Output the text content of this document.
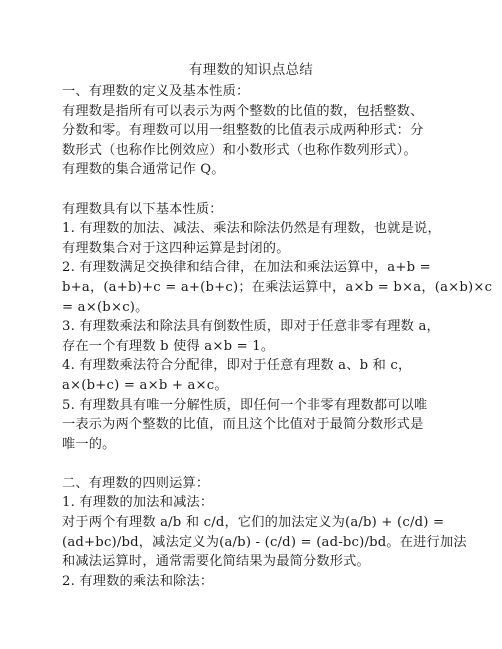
有理数的知识点总结
一、有理数的定义及基本性质：
有理数是指所有可以表示为两个整数的比值的数，包括整数、
分数和零。有理数可以用一组整数的比值表示成两种形式：分
数形式（也称作比例效应）和小数形式（也称作数列形式）。
有理数的集合通常记作 Q。
有理数具有以下基本性质：
1. 有理数的加法、减法、乘法和除法仍然是有理数，也就是说，
有理数集合对于这四种运算是封闭的。
2. 有理数满足交换律和结合律，在加法和乘法运算中，a+b =
b+a，(a+b)+c = a+(b+c)；在乘法运算中，a×b = b×a，(a×b)×c
= a×(b×c)。
3. 有理数乘法和除法具有倒数性质，即对于任意非零有理数 a，
存在一个有理数 b 使得 a×b = 1。
4. 有理数乘法符合分配律，即对于任意有理数 a、b 和 c，
a×(b+c) = a×b + a×c。
5. 有理数具有唯一分解性质，即任何一个非零有理数都可以唯
一表示为两个整数的比值，而且这个比值对于最简分数形式是
唯一的。
二、有理数的四则运算：
1. 有理数的加法和减法：
对于两个有理数 a/b 和 c/d，它们的加法定义为(a/b) + (c/d) =
(ad+bc)/bd，减法定义为(a/b) - (c/d) = (ad-bc)/bd。在进行加法
和减法运算时，通常需要化简结果为最简分数形式。
2. 有理数的乘法和除法：
